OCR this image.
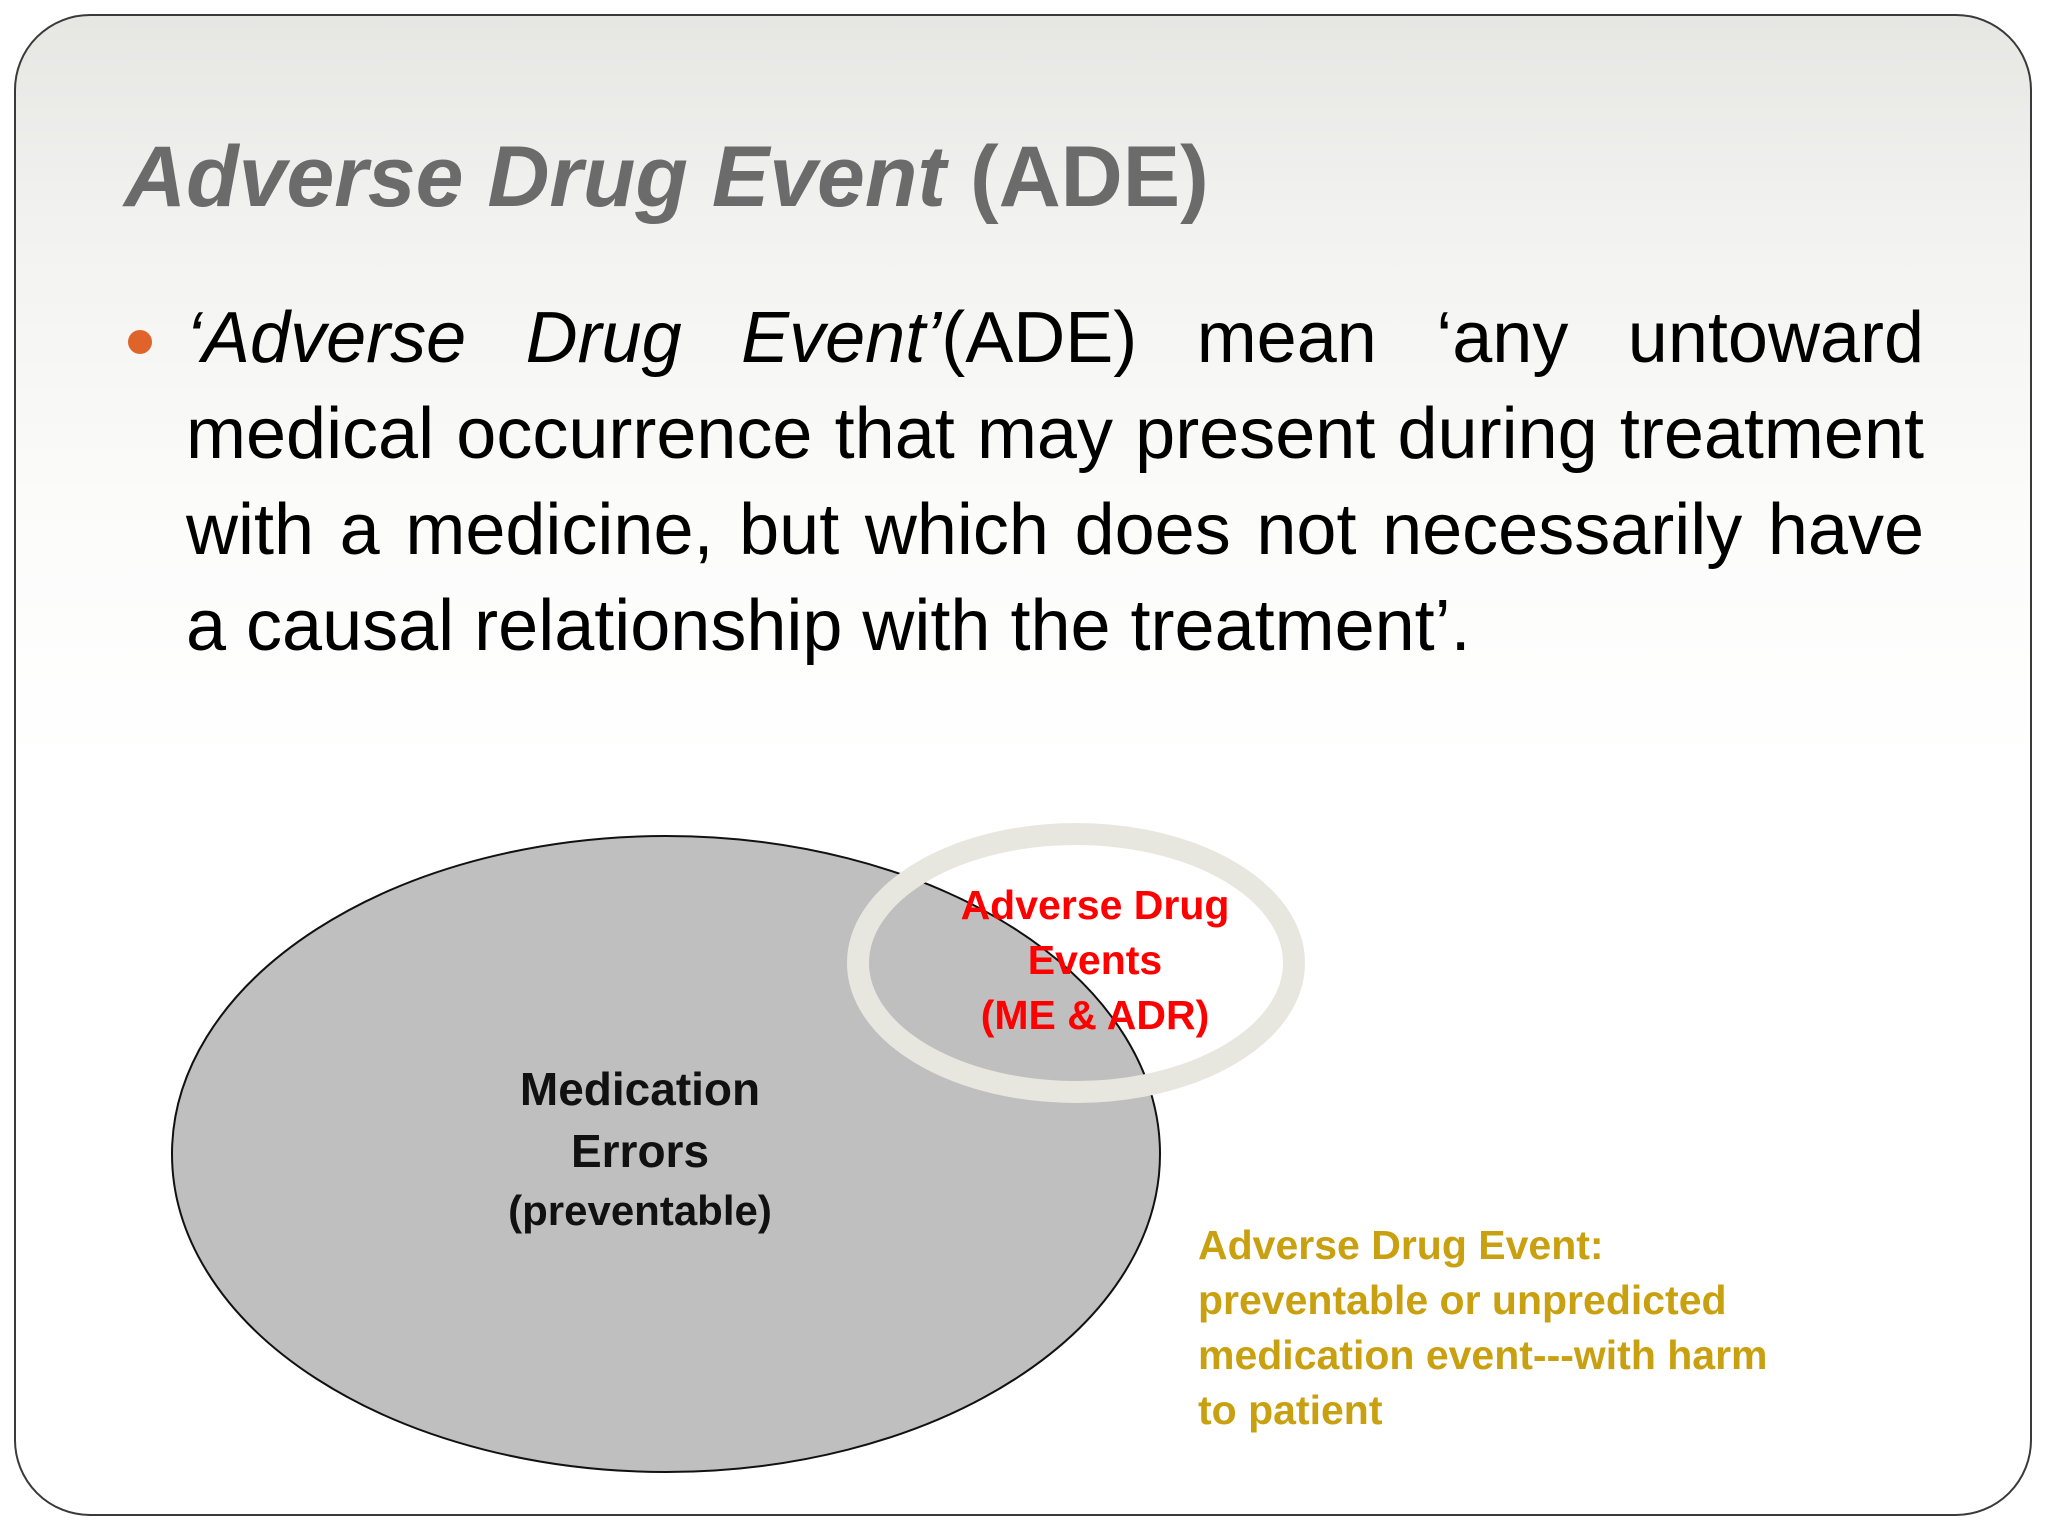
Adverse Drug Event (ADE)

‘Adverse Drug Event’(ADE) mean ‘any untoward medical occurrence that may present during treatment with a medicine, but which does not necessarily have a causal relationship with the treatment’.

Medication
Errors
(preventable)
Adverse Drug
Events
(ME & ADR)
Adverse Drug Event:
preventable or unpredicted
medication event---with harm
to patient
